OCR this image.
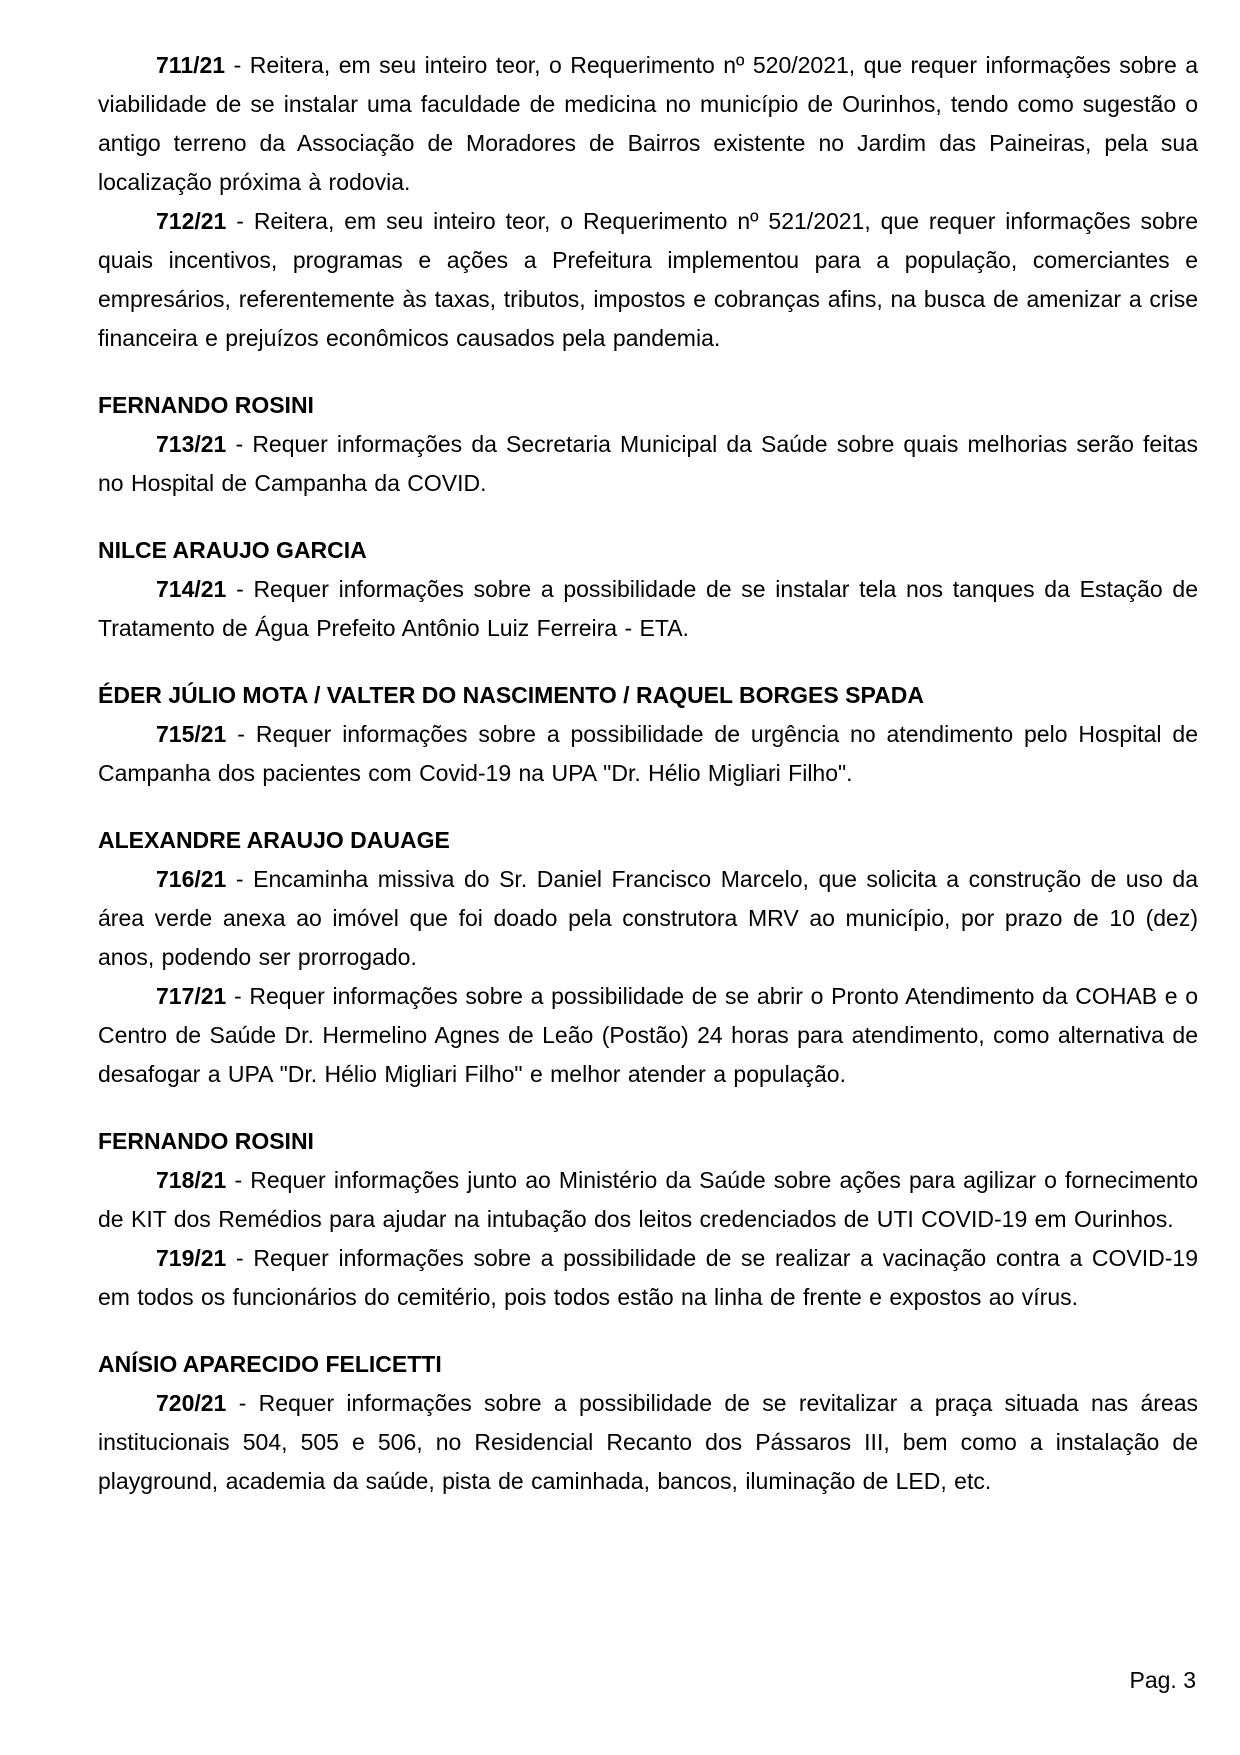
711/21 - Reitera, em seu inteiro teor, o Requerimento nº 520/2021, que requer informações sobre a viabilidade de se instalar uma faculdade de medicina no município de Ourinhos, tendo como sugestão o antigo terreno da Associação de Moradores de Bairros existente no Jardim das Paineiras, pela sua localização próxima à rodovia.

712/21 - Reitera, em seu inteiro teor, o Requerimento nº 521/2021, que requer informações sobre quais incentivos, programas e ações a Prefeitura implementou para a população, comerciantes e empresários, referentemente às taxas, tributos, impostos e cobranças afins, na busca de amenizar a crise financeira e prejuízos econômicos causados pela pandemia.

FERNANDO ROSINI

713/21 - Requer informações da Secretaria Municipal da Saúde sobre quais melhorias serão feitas no Hospital de Campanha da COVID.

NILCE ARAUJO GARCIA

714/21 - Requer informações sobre a possibilidade de se instalar tela nos tanques da Estação de Tratamento de Água Prefeito Antônio Luiz Ferreira - ETA.

ÉDER JÚLIO MOTA / VALTER DO NASCIMENTO / RAQUEL BORGES SPADA

715/21 - Requer informações sobre a possibilidade de urgência no atendimento pelo Hospital de Campanha dos pacientes com Covid-19 na UPA "Dr. Hélio Migliari Filho".

ALEXANDRE ARAUJO DAUAGE

716/21 - Encaminha missiva do Sr. Daniel Francisco Marcelo, que solicita a construção de uso da área verde anexa ao imóvel que foi doado pela construtora MRV ao município, por prazo de 10 (dez) anos, podendo ser prorrogado.

717/21 - Requer informações sobre a possibilidade de se abrir o Pronto Atendimento da COHAB e o Centro de Saúde Dr. Hermelino Agnes de Leão (Postão) 24 horas para atendimento, como alternativa de desafogar a UPA "Dr. Hélio Migliari Filho" e melhor atender a população.

FERNANDO ROSINI

718/21 - Requer informações junto ao Ministério da Saúde sobre ações para agilizar o fornecimento de KIT dos Remédios para ajudar na intubação dos leitos credenciados de UTI COVID-19 em Ourinhos.

719/21 - Requer informações sobre a possibilidade de se realizar a vacinação contra a COVID-19 em todos os funcionários do cemitério, pois todos estão na linha de frente e expostos ao vírus.

ANÍSIO APARECIDO FELICETTI

720/21 - Requer informações sobre a possibilidade de se revitalizar a praça situada nas áreas institucionais 504, 505 e 506, no Residencial Recanto dos Pássaros III, bem como a instalação de playground, academia da saúde, pista de caminhada, bancos, iluminação de LED, etc.

Pag. 3
